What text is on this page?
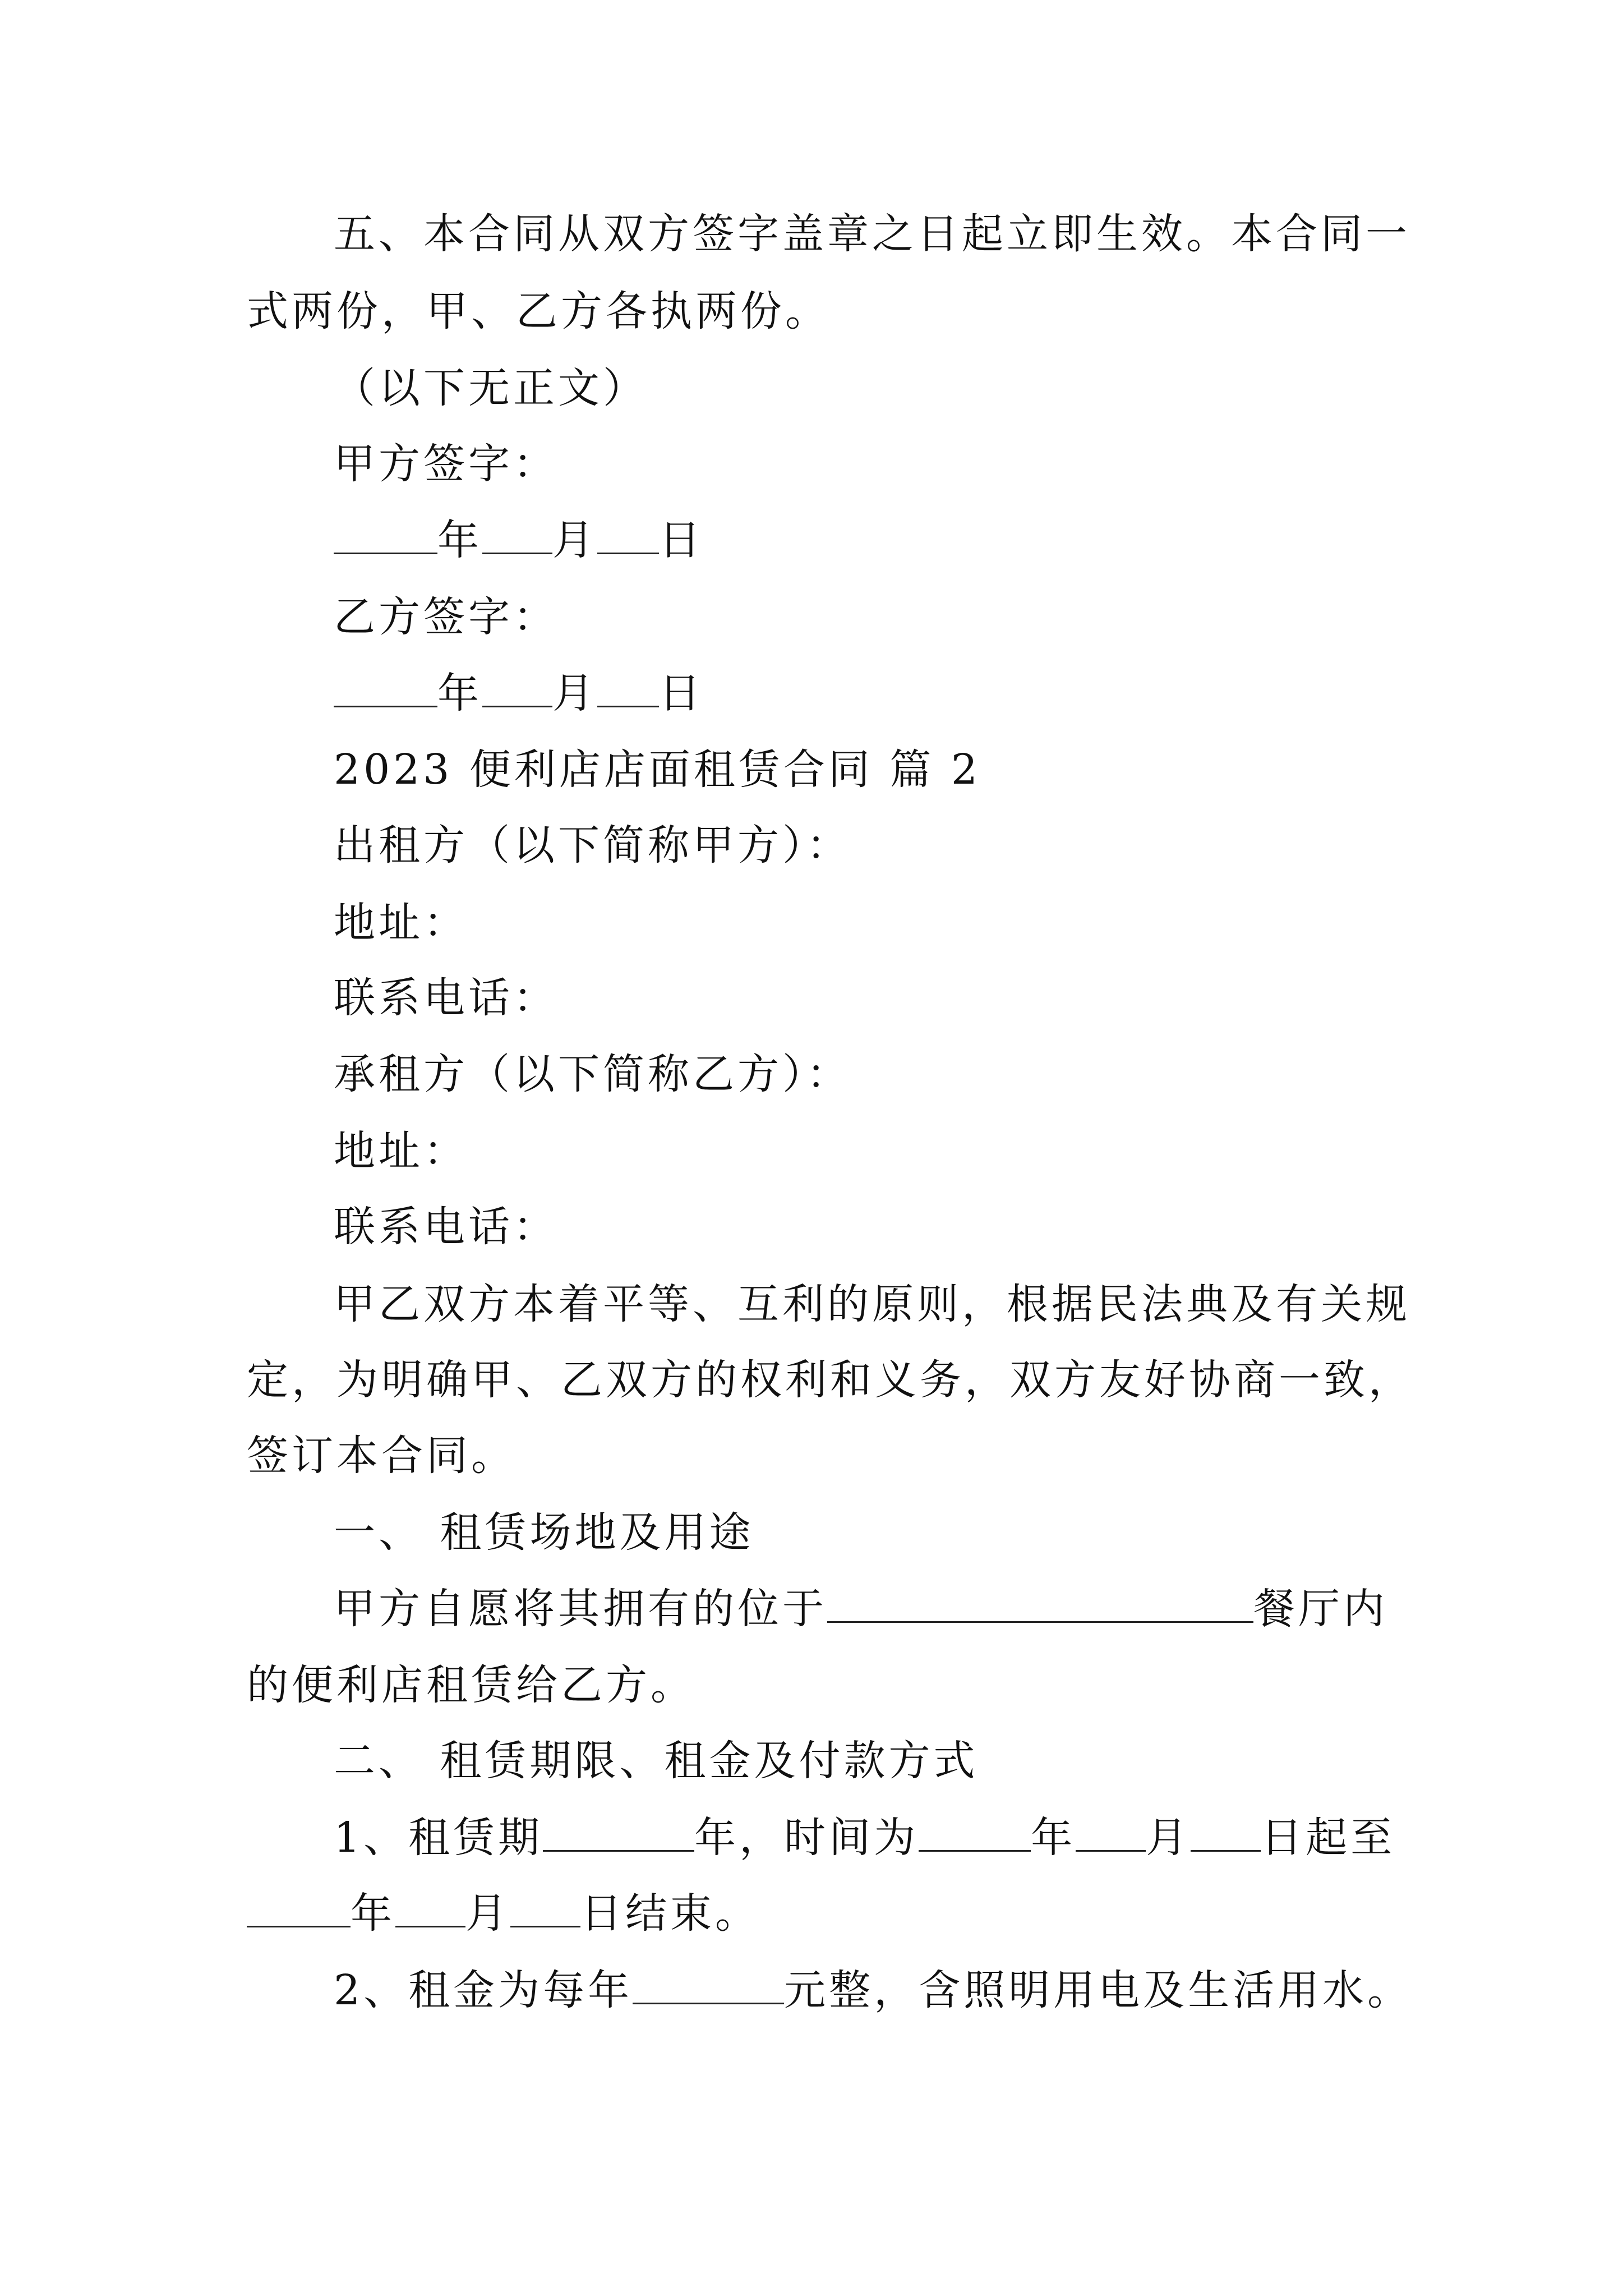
五、本合同从双方签字盖章之日起立即生效。本合同一
式两份，甲、乙方各执两份。
（以下无正文）
甲方签字：
年 月 日
乙方签字：
年 月 日
2023 便利店店面租赁合同 篇 2
出租方（以下简称甲方）：
地址：
联系电话：
承租方（以下简称乙方）：
地址：
联系电话：
甲乙双方本着平等、互利的原则，根据民法典及有关规
定，为明确甲、乙双方的权利和义务，双方友好协商一致，
签订本合同。
一、 租赁场地及用途
甲方自愿将其拥有的位于	餐厅内
的便利店租赁给乙方。
二、 租赁期限、租金及付款方式
1、租赁期	年，时间为	年 月 日起至
年 月 日结束。
2、租金为每年	元整，含照明用电及生活用水。
